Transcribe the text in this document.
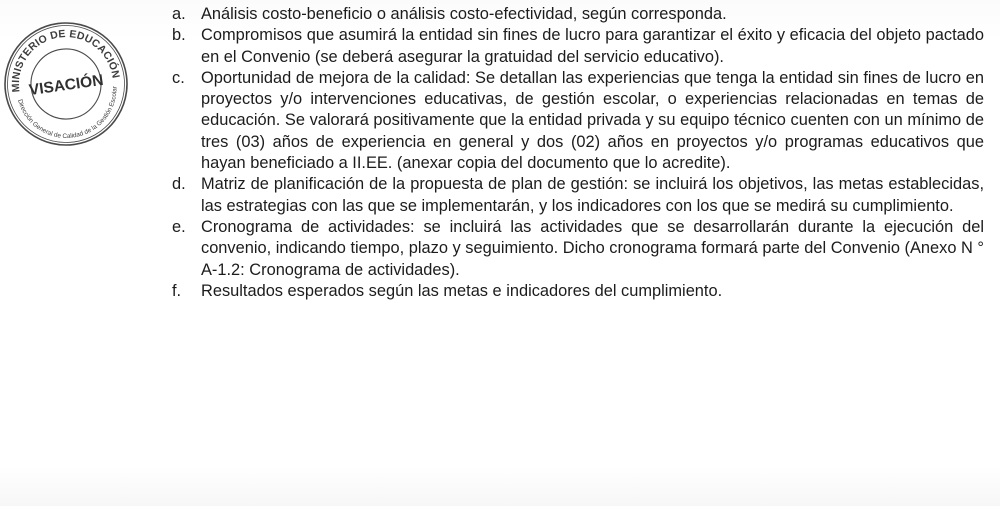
MINISTERIO DE EDUCACIÓN
Dirección General de Calidad de la Gestión Escolar
VISACIÓN
a. Análisis costo-beneficio o análisis costo-efectividad, según corresponda.
b. Compromisos que asumirá la entidad sin fines de lucro para garantizar el éxito y eficacia del objeto pactado en el Convenio (se deberá asegurar la gratuidad del servicio educativo).
c. Oportunidad de mejora de la calidad: Se detallan las experiencias que tenga la entidad sin fines de lucro en proyectos y/o intervenciones educativas, de gestión escolar, o experiencias relacionadas en temas de educación. Se valorará positivamente que la entidad privada y su equipo técnico cuenten con un mínimo de tres (03) años de experiencia en general y dos (02) años en proyectos y/o programas educativos que hayan beneficiado a II.EE. (anexar copia del documento que lo acredite).
d. Matriz de planificación de la propuesta de plan de gestión: se incluirá los objetivos, las metas establecidas, las estrategias con las que se implementarán, y los indicadores con los que se medirá su cumplimiento.
e. Cronograma de actividades: se incluirá las actividades que se desarrollarán durante la ejecución del convenio, indicando tiempo, plazo y seguimiento. Dicho cronograma formará parte del Convenio (Anexo N ° A-1.2: Cronograma de actividades).
f.	Resultados esperados según las metas e indicadores del cumplimiento.
